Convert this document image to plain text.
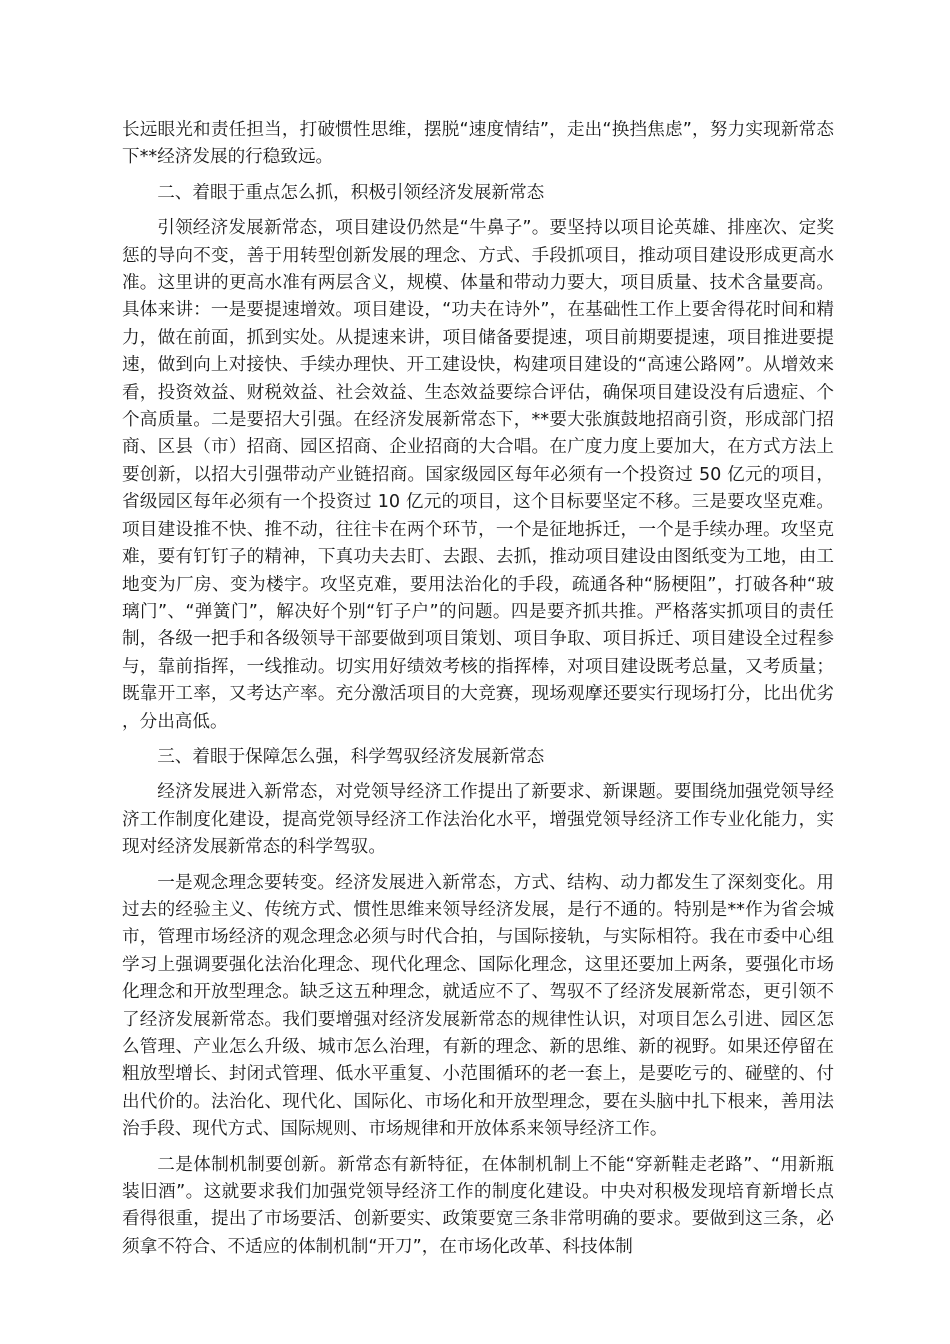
长远眼光和责任担当，打破惯性思维，摆脱“速度情结”，走出“换挡焦虑”，努力实现新常态下**经济发展的行稳致远。

二、着眼于重点怎么抓，积极引领经济发展新常态

引领经济发展新常态，项目建设仍然是“牛鼻子”。要坚持以项目论英雄、排座次、定奖惩的导向不变，善于用转型创新发展的理念、方式、手段抓项目，推动项目建设形成更高水准。这里讲的更高水准有两层含义，规模、体量和带动力要大，项目质量、技术含量要高。具体来讲：一是要提速增效。项目建设，“功夫在诗外”，在基础性工作上要舍得花时间和精力，做在前面，抓到实处。从提速来讲，项目储备要提速，项目前期要提速，项目推进要提速，做到向上对接快、手续办理快、开工建设快，构建项目建设的“高速公路网”。从增效来看，投资效益、财税效益、社会效益、生态效益要综合评估，确保项目建设没有后遗症、个个高质量。二是要招大引强。在经济发展新常态下，**要大张旗鼓地招商引资，形成部门招商、区县（市）招商、园区招商、企业招商的大合唱。在广度力度上要加大，在方式方法上要创新，以招大引强带动产业链招商。国家级园区每年必须有一个投资过 50 亿元的项目，省级园区每年必须有一个投资过 10 亿元的项目，这个目标要坚定不移。三是要攻坚克难。项目建设推不快、推不动，往往卡在两个环节，一个是征地拆迁，一个是手续办理。攻坚克难，要有钉钉子的精神，下真功夫去盯、去跟、去抓，推动项目建设由图纸变为工地，由工地变为厂房、变为楼宇。攻坚克难，要用法治化的手段，疏通各种“肠梗阻”，打破各种“玻璃门”、“弹簧门”，解决好个别“钉子户”的问题。四是要齐抓共推。严格落实抓项目的责任制，各级一把手和各级领导干部要做到项目策划、项目争取、项目拆迁、项目建设全过程参与，靠前指挥，一线推动。切实用好绩效考核的指挥棒，对项目建设既考总量，又考质量；既靠开工率，又考达产率。充分激活项目的大竞赛，现场观摩还要实行现场打分，比出优劣，分出高低。

三、着眼于保障怎么强，科学驾驭经济发展新常态

经济发展进入新常态，对党领导经济工作提出了新要求、新课题。要围绕加强党领导经济工作制度化建设，提高党领导经济工作法治化水平，增强党领导经济工作专业化能力，实现对经济发展新常态的科学驾驭。

一是观念理念要转变。经济发展进入新常态，方式、结构、动力都发生了深刻变化。用过去的经验主义、传统方式、惯性思维来领导经济发展，是行不通的。特别是**作为省会城市，管理市场经济的观念理念必须与时代合拍，与国际接轨，与实际相符。我在市委中心组学习上强调要强化法治化理念、现代化理念、国际化理念，这里还要加上两条，要强化市场化理念和开放型理念。缺乏这五种理念，就适应不了、驾驭不了经济发展新常态，更引领不了经济发展新常态。我们要增强对经济发展新常态的规律性认识，对项目怎么引进、园区怎么管理、产业怎么升级、城市怎么治理，有新的理念、新的思维、新的视野。如果还停留在粗放型增长、封闭式管理、低水平重复、小范围循环的老一套上，是要吃亏的、碰壁的、付出代价的。法治化、现代化、国际化、市场化和开放型理念，要在头脑中扎下根来，善用法治手段、现代方式、国际规则、市场规律和开放体系来领导经济工作。

二是体制机制要创新。新常态有新特征，在体制机制上不能“穿新鞋走老路”、“用新瓶装旧酒”。这就要求我们加强党领导经济工作的制度化建设。中央对积极发现培育新增长点看得很重，提出了市场要活、创新要实、政策要宽三条非常明确的要求。要做到这三条，必须拿不符合、不适应的体制机制“开刀”，在市场化改革、科技体制
